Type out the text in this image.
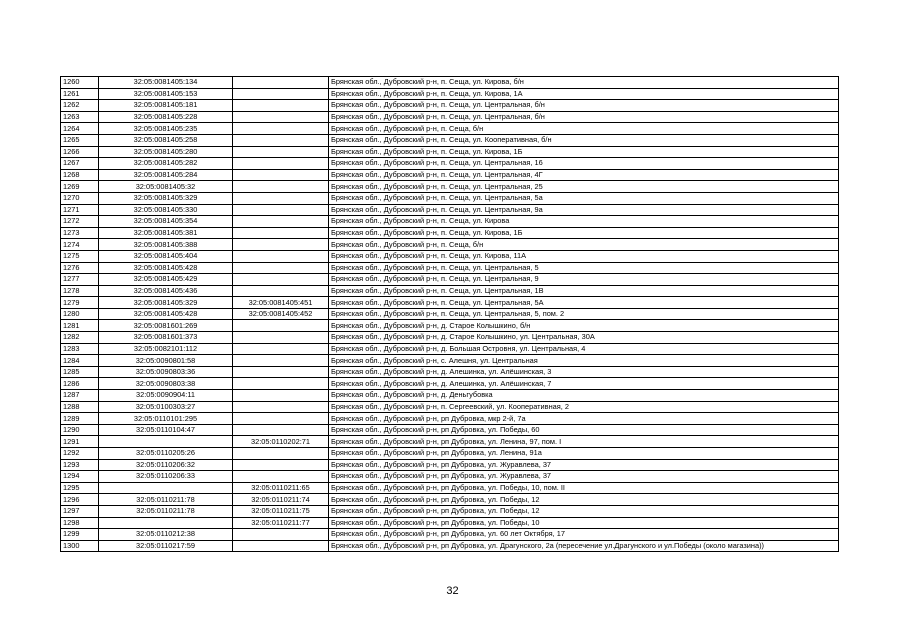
1260	32:05:0081405:134		Брянская обл., Дубровский р-н, п. Сеща, ул. Кирова, б/н
1261	32:05:0081405:153		Брянская обл., Дубровский р-н, п. Сеща, ул. Кирова, 1А
1262	32:05:0081405:181		Брянская обл., Дубровский р-н, п. Сеща, ул. Центральная, б/н
1263	32:05:0081405:228		Брянская обл., Дубровский р-н, п. Сеща, ул. Центральная, б/н
1264	32:05:0081405:235		Брянская обл., Дубровский р-н, п. Сеща, б/н
1265	32:05:0081405:258		Брянская обл., Дубровский р-н, п. Сеща, ул. Кооперативная, б/н
1266	32:05:0081405:280		Брянская обл., Дубровский р-н, п. Сеща, ул. Кирова, 1Б
1267	32:05:0081405:282		Брянская обл., Дубровский р-н, п. Сеща, ул. Центральная, 16
1268	32:05:0081405:284		Брянская обл., Дубровский р-н, п. Сеща, ул. Центральная, 4Г
1269	32:05:0081405:32		Брянская обл., Дубровский р-н, п. Сеща, ул. Центральная, 25
1270	32:05:0081405:329		Брянская обл., Дубровский р-н, п. Сеща, ул. Центральная, 5а
1271	32:05:0081405:330		Брянская обл., Дубровский р-н, п. Сеща, ул. Центральная, 9а
1272	32:05:0081405:354		Брянская обл., Дубровский р-н, п. Сеща, ул. Кирова
1273	32:05:0081405:381		Брянская обл., Дубровский р-н, п. Сеща, ул. Кирова, 1Б
1274	32:05:0081405:388		Брянская обл., Дубровский р-н, п. Сеща, б/н
1275	32:05:0081405:404		Брянская обл., Дубровский р-н, п. Сеща, ул. Кирова, 11А
1276	32:05:0081405:428		Брянская обл., Дубровский р-н, п. Сеща, ул. Центральная, 5
1277	32:05:0081405:429		Брянская обл., Дубровский р-н, п. Сеща, ул. Центральная, 9
1278	32:05:0081405:436		Брянская обл., Дубровский р-н, п. Сеща, ул. Центральная, 1В
1279	32:05:0081405:329	32:05:0081405:451	Брянская обл., Дубровский р-н, п. Сеща, ул. Центральная, 5А
1280	32:05:0081405:428	32:05:0081405:452	Брянская обл., Дубровский р-н, п. Сеща, ул. Центральная, 5, пом. 2
1281	32:05:0081601:269		Брянская обл., Дубровский р-н, д. Старое Колышкино, б/н
1282	32:05:0081601:373		Брянская обл., Дубровский р-н, д. Старое Колышкино, ул. Центральная, 30А
1283	32:05:0082101:112		Брянская обл., Дубровский р-н, д. Большая Островня, ул. Центральная, 4
1284	32:05:0090801:58		Брянская обл., Дубровский р-н, с. Алешня, ул. Центральная
1285	32:05:0090803:36		Брянская обл., Дубровский р-н, д. Алешинка, ул. Алёшинская, 3
1286	32:05:0090803:38		Брянская обл., Дубровский р-н, д. Алешинка, ул. Алёшинская, 7
1287	32:05:0090904:11		Брянская обл., Дубровский р-н, д. Деньгубовка
1288	32:05:0100303:27		Брянская обл., Дубровский р-н, п. Сергеевский, ул. Кооперативная, 2
1289	32:05:0110101:295		Брянская обл., Дубровский р-н, рп Дубровка, мкр 2-й, 7а
1290	32:05:0110104:47		Брянская обл., Дубровский р-н, рп Дубровка, ул. Победы, 60
1291		32:05:0110202:71	Брянская обл., Дубровский р-н, рп Дубровка, ул. Ленина, 97, пом. I
1292	32:05:0110205:26		Брянская обл., Дубровский р-н, рп Дубровка, ул. Ленина, 91а
1293	32:05:0110206:32		Брянская обл., Дубровский р-н, рп Дубровка, ул. Журавлева, 37
1294	32:05:0110206:33		Брянская обл., Дубровский р-н, рп Дубровка, ул. Журавлева, 37
1295		32:05:0110211:65	Брянская обл., Дубровский р-н, рп Дубровка, ул. Победы, 10, пом. II
1296	32:05:0110211:78	32:05:0110211:74	Брянская обл., Дубровский р-н, рп Дубровка, ул. Победы, 12
1297	32:05:0110211:78	32:05:0110211:75	Брянская обл., Дубровский р-н, рп Дубровка, ул. Победы, 12
1298		32:05:0110211:77	Брянская обл., Дубровский р-н, рп Дубровка, ул. Победы, 10
1299	32:05:0110212:38		Брянская обл., Дубровский р-н, рп Дубровка, ул. 60 лет Октября, 17
1300	32:05:0110217:59		Брянская обл., Дубровский р-н, рп Дубровка, ул. Драгунского, 2а (пересечение ул.Драгунского и ул.Победы (около магазина))
32
